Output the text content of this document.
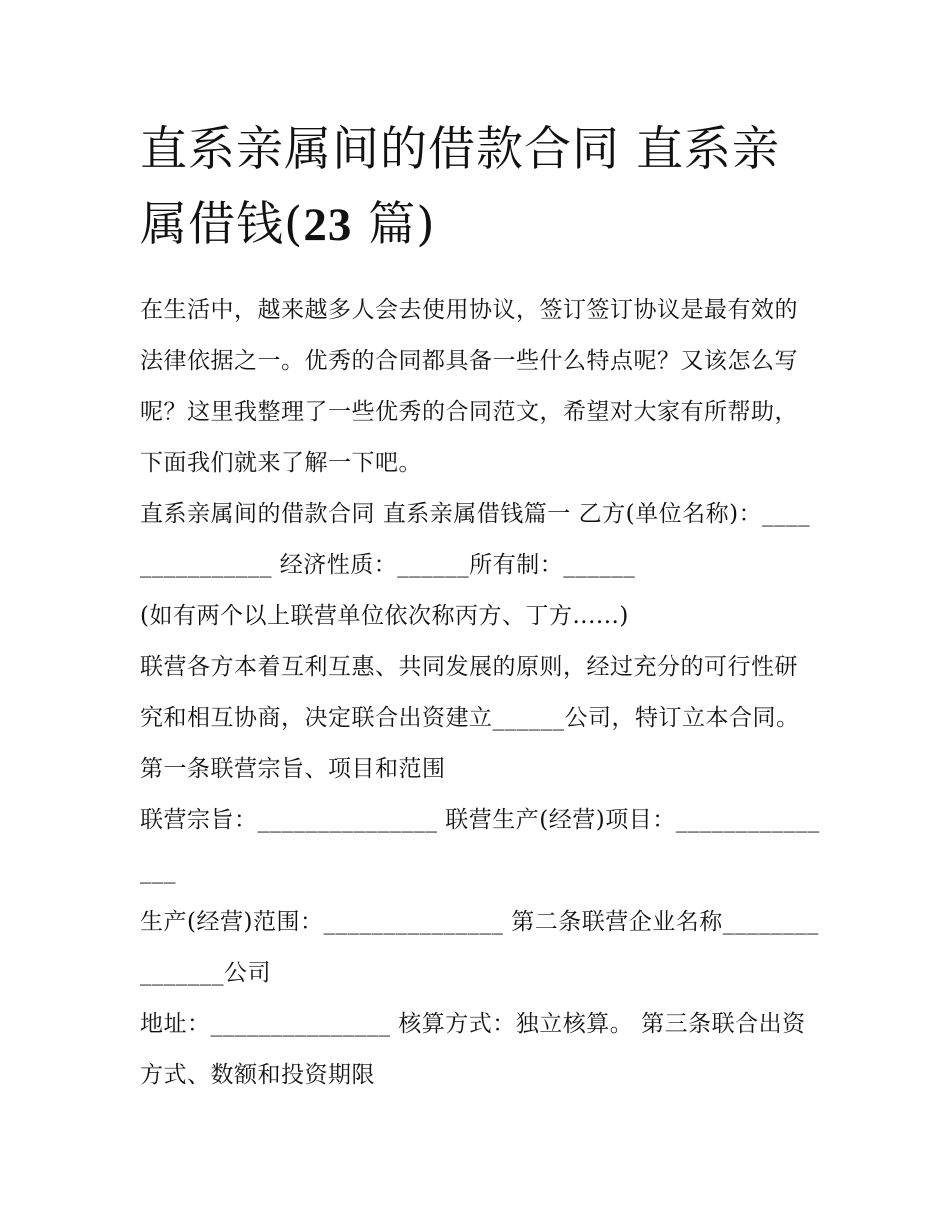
直系亲属间的借款合同 直系亲属借钱(23 篇)

在生活中，越来越多人会去使用协议，签订签订协议是最有效的法律依据之一。优秀的合同都具备一些什么特点呢？又该怎么写呢？这里我整理了一些优秀的合同范文，希望对大家有所帮助，下面我们就来了解一下吧。

直系亲属间的借款合同 直系亲属借钱篇一 乙方(单位名称)：_______________ 经济性质：______所有制：______

(如有两个以上联营单位依次称丙方、丁方......)

联营各方本着互利互惠、共同发展的原则，经过充分的可行性研究和相互协商，决定联合出资建立______公司，特订立本合同。 第一条联营宗旨、项目和范围

联营宗旨：_______________ 联营生产(经营)项目：_______________

生产(经营)范围：_______________ 第二条联营企业名称_______________公司

地址：_______________ 核算方式：独立核算。 第三条联合出资方式、数额和投资期限
